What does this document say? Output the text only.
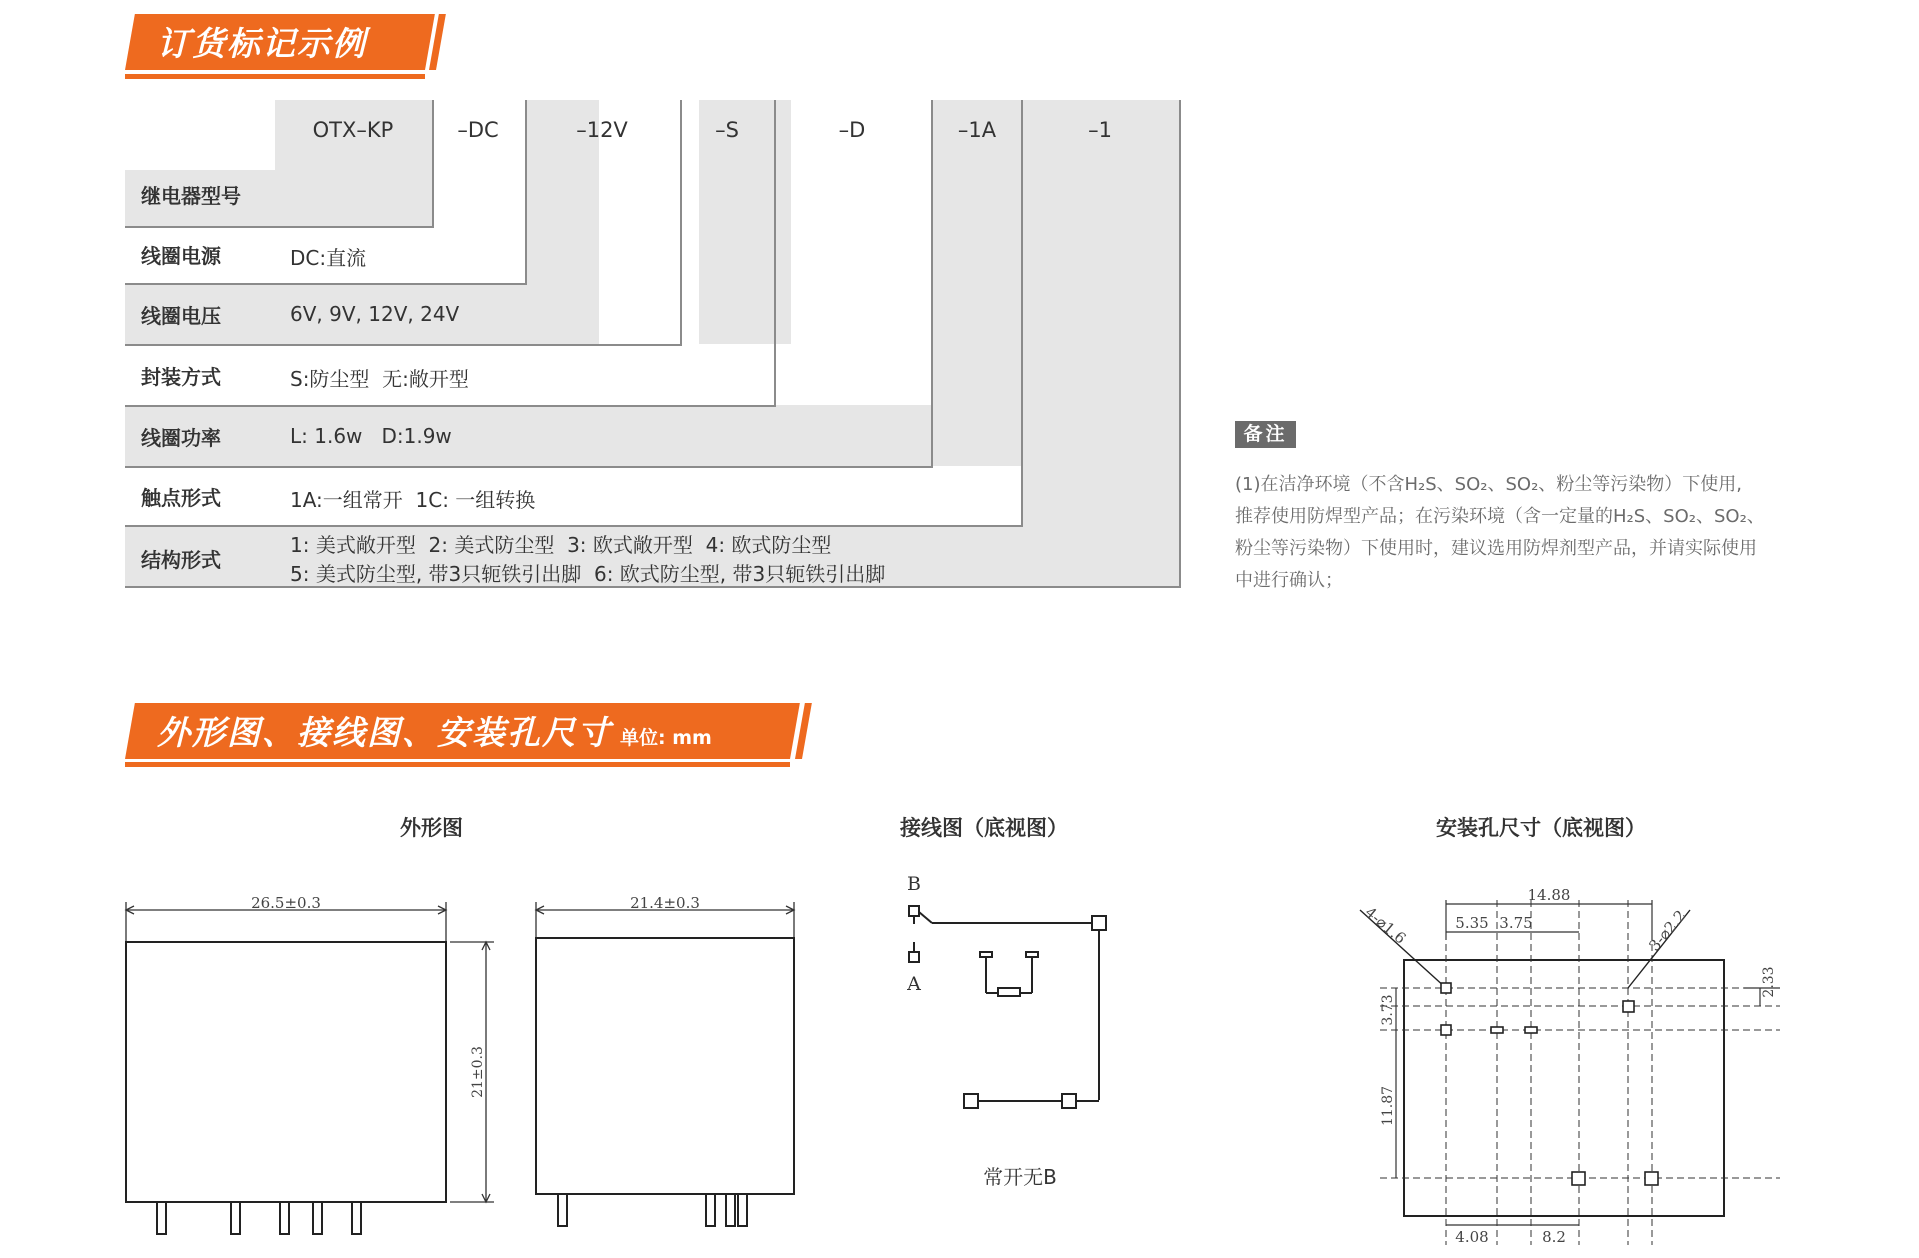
订货标记示例
OTX–KP	–DC	–12V	–S	–D	–1A	–1
继电器型号
线圈电源	DC:直流
线圈电压	6V, 9V, 12V, 24V
封装方式	S:防尘型  无:敞开型
线圈功率	L: 1.6w   D:1.9w
触点形式	1A:一组常开  1C: 一组转换
结构形式
1: 美式敞开型  2: 美式防尘型  3: 欧式敞开型  4: 欧式防尘型
5: 美式防尘型, 带3只轭铁引出脚  6: 欧式防尘型, 带3只轭铁引出脚
备注
(1)在洁净环境（不含H₂S、SO₂、SO₂、粉尘等污染物）下使用,
推荐使用防焊型产品；在污染环境（含一定量的H₂S、SO₂、SO₂、
粉尘等污染物）下使用时，建议选用防焊剂型产品，并请实际使用
中进行确认；
外形图、接线图、安装孔尺寸 单位: mm
外形图	接线图（底视图）	安装孔尺寸（底视图）
26.5±0.3
21±0.3
21.4±0.3
B
A
常开无B
14.88
5.35 3.75
2.33
3.73
11.87
4.08	8.2
4-⌀1.6	3-⌀2.2
